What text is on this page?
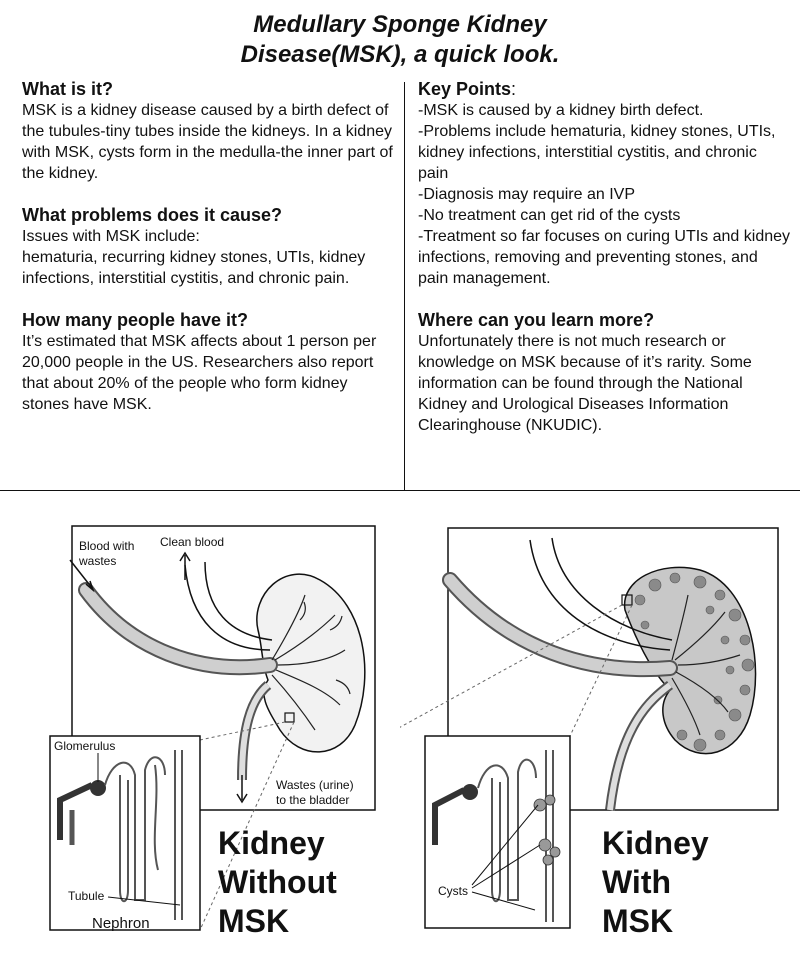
Medullary Sponge Kidney
Disease(MSK), a quick look.
What is it?

MSK is a kidney disease caused by a birth defect of the tubules-tiny tubes inside the kidneys. In a kidney with MSK, cysts form in the medulla-the inner part of the kidney.

What problems does it cause?

Issues with MSK include:

hematuria, recurring kidney stones, UTIs, kidney infections, interstitial cystitis, and chronic pain.

How many people have it?

It’s estimated that MSK affects about 1 person per 20,000 people in the US. Researchers also report that about 20% of the people who form kidney stones have MSK.

Key Points:

-MSK is caused by a kidney birth defect.

-Problems include hematuria, kidney stones, UTIs, kidney infections, interstitial cystitis, and chronic pain

-Diagnosis may require an IVP

-No treatment can get rid of the cysts

-Treatment so far focuses on curing UTIs and kidney infections, removing and preventing stones, and pain management.

Where can you learn more?

Unfortunately there is not much research or knowledge on MSK because of it’s rarity. Some information can be found through the National Kidney and Urological Diseases Information Clearinghouse (NKUDIC).

Glomerulus
Tubule
Nephron
Blood with
wastes
Clean blood
Wastes (urine)
to the bladder
Kidney
Without
MSK
Cysts
Kidney
With
MSK
